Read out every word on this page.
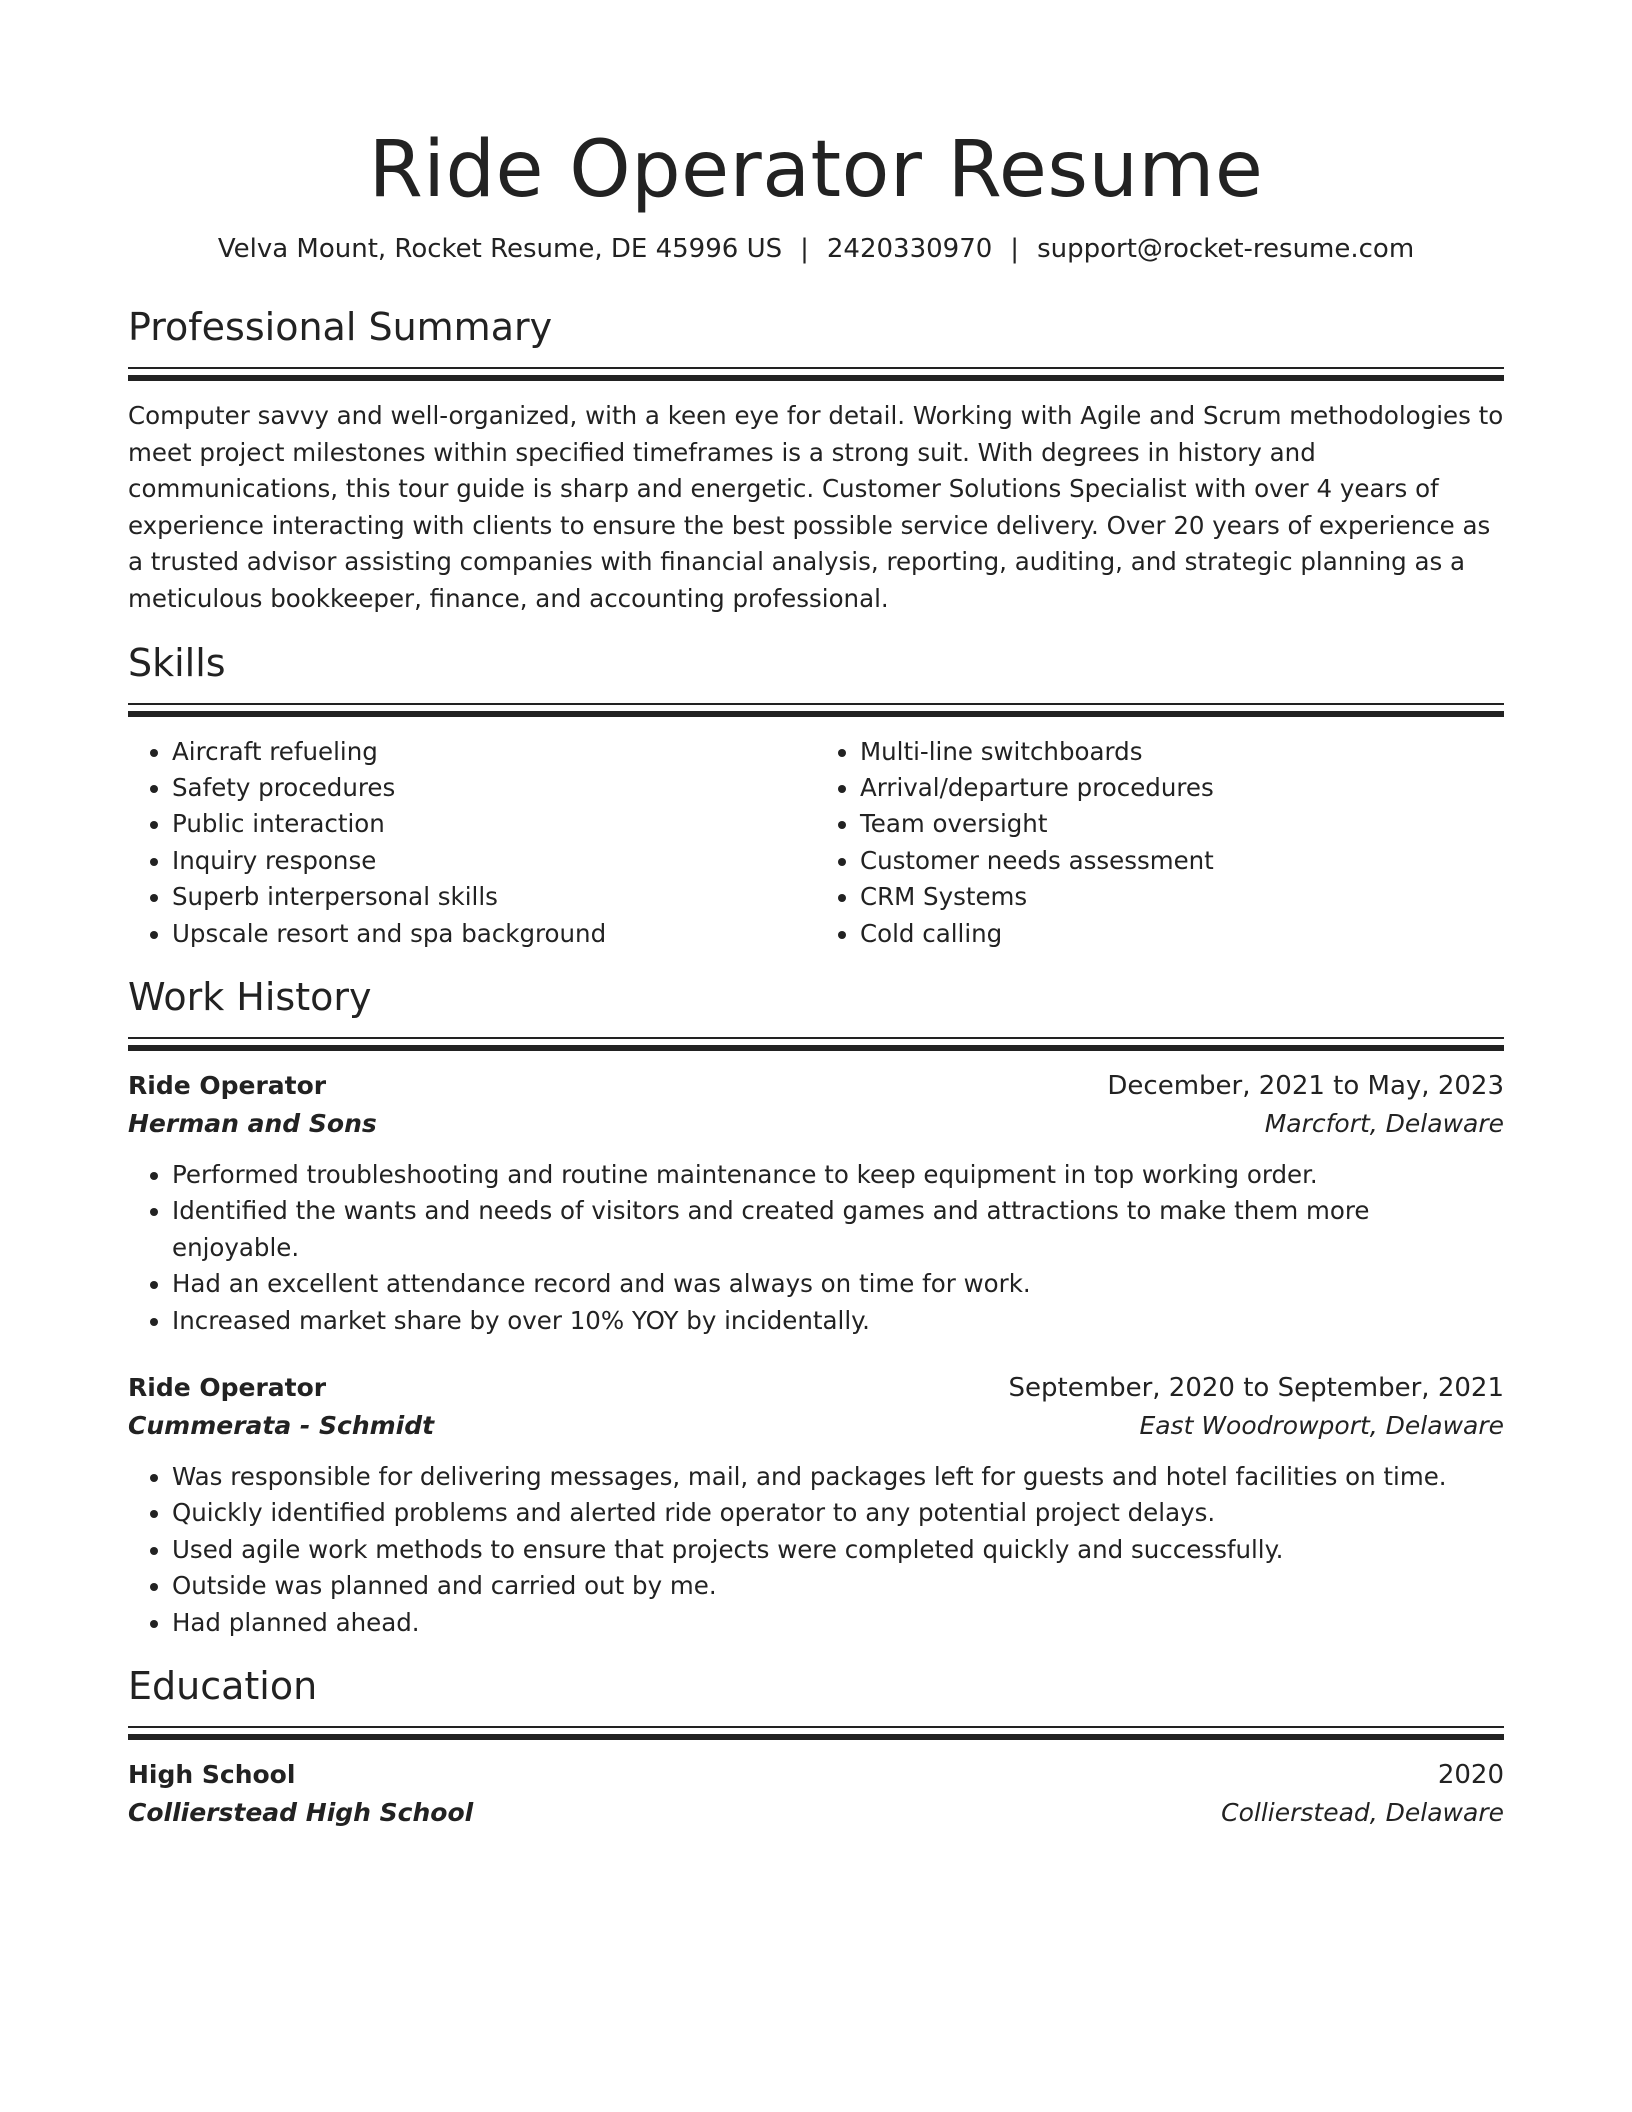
Ride Operator Resume
Velva Mount, Rocket Resume, DE 45996 US | 2420330970 | support@rocket-resume.com
Professional Summary

Computer savvy and well-organized, with a keen eye for detail. Working with Agile and Scrum methodologies to meet project milestones within specified timeframes is a strong suit. With degrees in history and communications, this tour guide is sharp and energetic. Customer Solutions Specialist with over 4 years of experience interacting with clients to ensure the best possible service delivery. Over 20 years of experience as a trusted advisor assisting companies with financial analysis, reporting, auditing, and strategic planning as a meticulous bookkeeper, finance, and accounting professional.

Skills
• Aircraft refueling
• Safety procedures
• Public interaction
• Inquiry response
• Superb interpersonal skills
• Upscale resort and spa background
• Multi-line switchboards
• Arrival/departure procedures
• Team oversight
• Customer needs assessment
• CRM Systems
• Cold calling
Work History
Ride Operator	December, 2021 to May, 2023
Herman and Sons	Marcfort, Delaware
• Performed troubleshooting and routine maintenance to keep equipment in top working order.
• Identified the wants and needs of visitors and created games and attractions to make them more enjoyable.
• Had an excellent attendance record and was always on time for work.
• Increased market share by over 10% YOY by incidentally.
Ride Operator	September, 2020 to September, 2021
Cummerata - Schmidt	East Woodrowport, Delaware
• Was responsible for delivering messages, mail, and packages left for guests and hotel facilities on time.
• Quickly identified problems and alerted ride operator to any potential project delays.
• Used agile work methods to ensure that projects were completed quickly and successfully.
• Outside was planned and carried out by me.
• Had planned ahead.
Education
High School	2020
Collierstead High School	Collierstead, Delaware
